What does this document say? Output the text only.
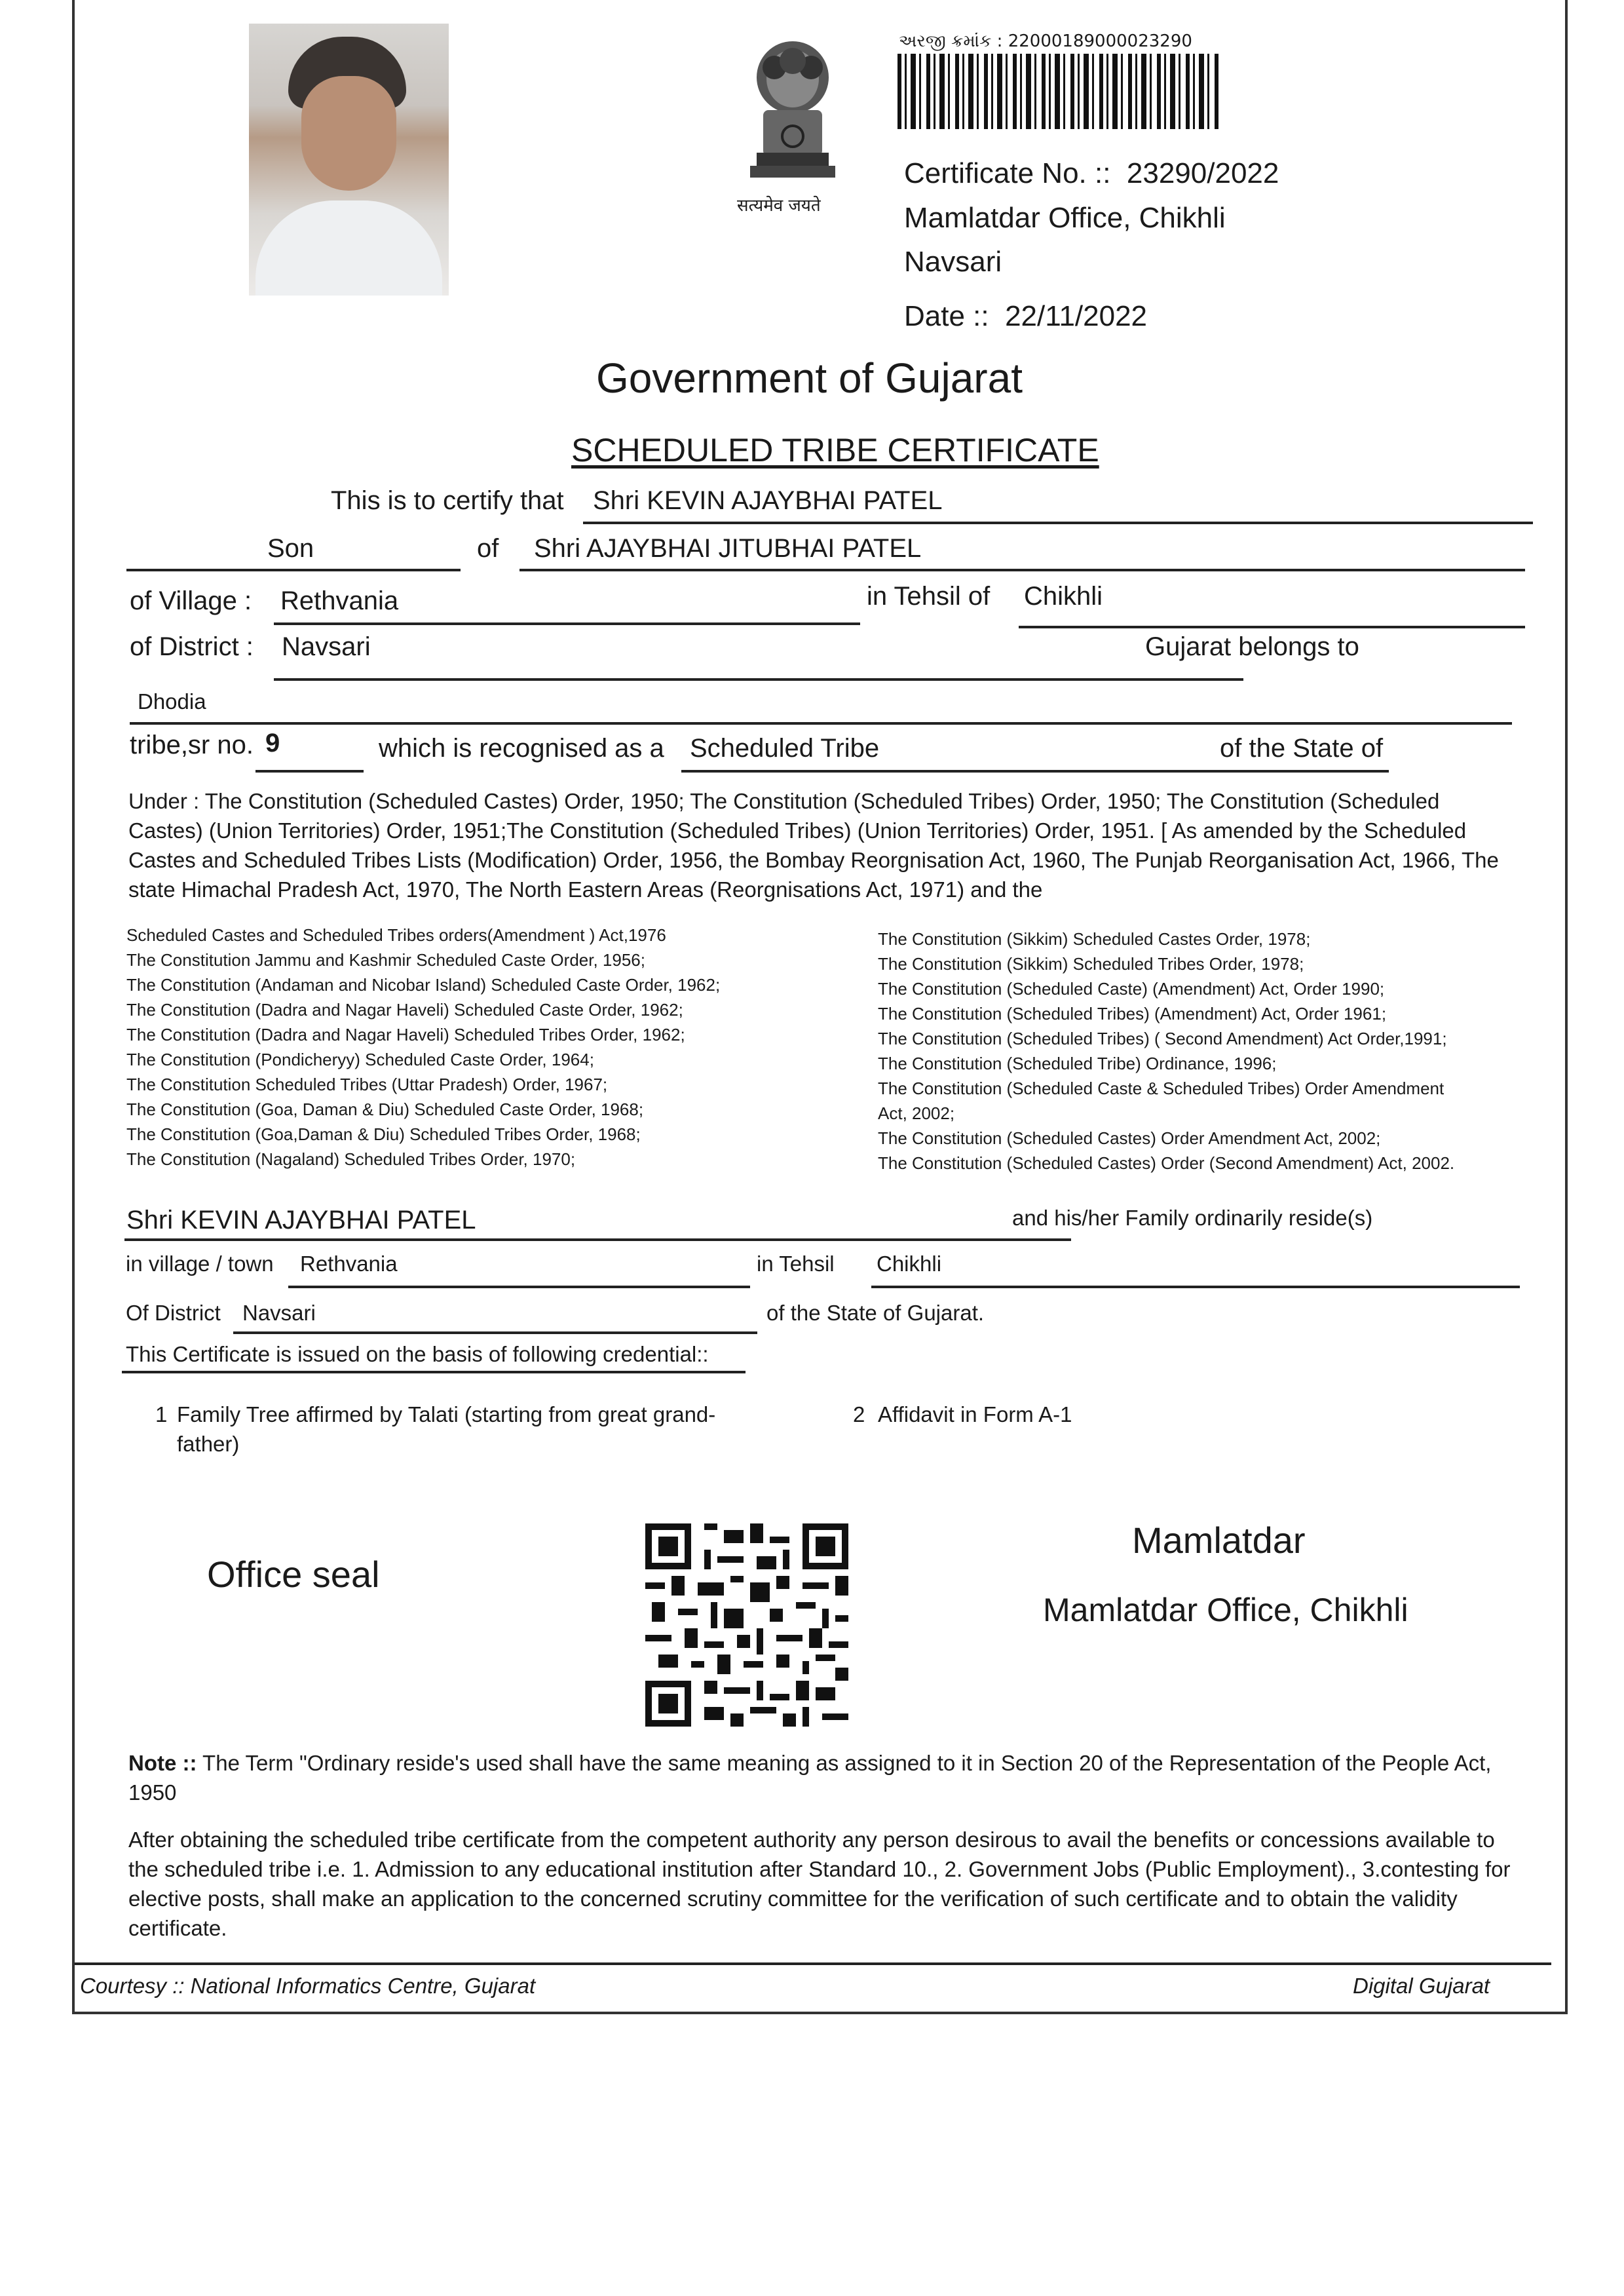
सत्यमेव जयते
અરજી ક્રમાંક : 22000189000023290
Certificate No. :: 23290/2022
Mamlatdar Office, Chikhli
Navsari
Date :: 22/11/2022
Government of Gujarat
SCHEDULED TRIBE CERTIFICATE
This is to certify that Shri KEVIN AJAYBHAI PATEL
Son	of Shri AJAYBHAI JITUBHAI PATEL
of Village : Rethvania	in Tehsil of Chikhli
of District : Navsari	Gujarat belongs to
Dhodia
tribe,sr no. 9	which is recognised as a Scheduled Tribe	of the State of
Under : The Constitution (Scheduled Castes) Order, 1950; The Constitution (Scheduled Tribes) Order, 1950; The Constitution (Scheduled Castes) (Union Territories) Order, 1951;The Constitution (Scheduled Tribes) (Union Territories) Order, 1951. [ As amended by the Scheduled Castes and Scheduled Tribes Lists (Modification) Order, 1956, the Bombay Reorgnisation Act, 1960, The Punjab Reorganisation Act, 1966, The state Himachal Pradesh Act, 1970, The North Eastern Areas (Reorgnisations Act, 1971) and the
Scheduled Castes and Scheduled Tribes orders(Amendment ) Act,1976
The Constitution Jammu and Kashmir Scheduled Caste Order, 1956;
The Constitution (Andaman and Nicobar Island) Scheduled Caste Order, 1962;
The Constitution (Dadra and Nagar Haveli) Scheduled Caste Order, 1962;
The Constitution (Dadra and Nagar Haveli) Scheduled Tribes Order, 1962;
The Constitution (Pondicheryy) Scheduled Caste Order, 1964;
The Constitution Scheduled Tribes (Uttar Pradesh) Order, 1967;
The Constitution (Goa, Daman & Diu) Scheduled Caste Order, 1968;
The Constitution (Goa,Daman & Diu) Scheduled Tribes Order, 1968;
The Constitution (Nagaland) Scheduled Tribes Order, 1970;
The Constitution (Sikkim) Scheduled Castes Order, 1978;
The Constitution (Sikkim) Scheduled Tribes Order, 1978;
The Constitution (Scheduled Caste) (Amendment) Act, Order 1990;
The Constitution (Scheduled Tribes) (Amendment) Act, Order 1961;
The Constitution (Scheduled Tribes) ( Second Amendment) Act Order,1991;
The Constitution (Scheduled Tribe) Ordinance, 1996;
The Constitution (Scheduled Caste & Scheduled Tribes) Order Amendment
Act, 2002;
The Constitution (Scheduled Castes) Order Amendment Act, 2002;
The Constitution (Scheduled Castes) Order (Second Amendment) Act, 2002.
Shri KEVIN AJAYBHAI PATEL	and his/her Family ordinarily reside(s)
in village / town Rethvania	in Tehsil Chikhli
Of District Navsari	of the State of Gujarat.
This Certificate is issued on the basis of following credential::
1 Family Tree affirmed by Talati (starting from great grand-
father)
2 Affidavit in Form A-1
Office seal
Mamlatdar
Mamlatdar Office, Chikhli
Note :: The Term "Ordinary reside's used shall have the same meaning as assigned to it in Section 20 of the Representation of the People Act, 1950
After obtaining the scheduled tribe certificate from the competent authority any person desirous to avail the benefits or concessions available to the scheduled tribe i.e. 1. Admission to any educational institution after Standard 10., 2. Government Jobs (Public Employment)., 3.contesting for elective posts, shall make an application to the concerned scrutiny committee for the verification of such certificate and to obtain the validity certificate.
Courtesy :: National Informatics Centre, Gujarat	Digital Gujarat
